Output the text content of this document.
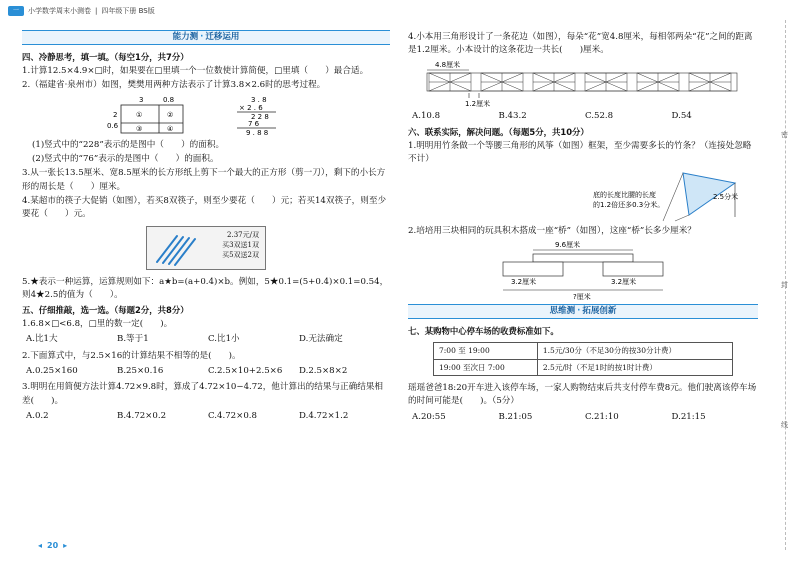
一	小学数学周末小测卷 | 四年级下册 BS版
密
封
线
能力测 · 迁移运用
四、冷静思考，填一填。（每空1分，共7分）
1.计算12.5×4.9×□时，如果要在□里填一个一位数使计算简便，□里填（　　）最合适。
2.（福建省·泉州市）如图，樊樊用两种方法表示了计算3.8×2.6时的思考过程。
3	0.8
2
0.6
①	②
③	④
3 . 8
× 2 . 6
2 2 8
7 6
9 . 8 8
(1)竖式中的“228”表示的是图中（　　）的面积。
(2)竖式中的“76”表示的是图中（　　）的面积。
3.从一张长13.5厘米、宽8.5厘米的长方形纸上剪下一个最大的正方形（剪一刀），剩下的小长方形的周长是（　　）厘米。
4.某超市的筷子大促销（如图），若买8双筷子，则至少要花（　　）元；若买14双筷子，则至少要花（　　）元。
2.37元/双
买3双送1双
买5双送2双
5.★表示一种运算，运算规则如下：a★b=(a+0.4)×b。例如，5★0.1=(5+0.4)×0.1=0.54，则4★2.5的值为（　　）。
五、仔细推敲，选一选。（每题2分，共8分）
1.6.8×□<6.8，□里的数一定(　　)。
A.比1大	B.等于1	C.比1小	D.无法确定
2.下面算式中，与2.5×16的计算结果不相等的是(　　)。
A.0.25×160	B.25×0.16	C.2.5×10+2.5×6	D.2.5×8×2
3.明明在用简便方法计算4.72×9.8时，算成了4.72×10−4.72，他计算出的结果与正确结果相差(　　)。
A.0.2	B.4.72×0.2	C.4.72×0.8	D.4.72×1.2
4.小本用三角形设计了一条花边（如图），每朵“花”宽4.8厘米，每相邻两朵“花”之间的距离是1.2厘米。小本设计的这条花边一共长(　　)厘米。
4.8厘米
1.2厘米
A.10.8	B.43.2	C.52.8	D.54
六、联系实际，解决问题。（每题5分，共10分）
1.明明用竹条做一个等腰三角形的风筝（如图）框架，至少需要多长的竹条？（连接处忽略不计）
2.5分米
底的长度比腰的长度
的1.2倍还多0.3分米。
2.培培用三块相同的玩具积木搭成一座“桥”（如图），这座“桥”长多少厘米？
9.6厘米
3.2厘米	3.2厘米
?厘米
思维测 · 拓展创新
七、某购物中心停车场的收费标准如下。
7:00 至 19:00	1.5元/30分（不足30分的按30分计费）
19:00 至次日 7:00	2.5元/时（不足1时的按1时计费）
瑶瑶爸爸18:20开车进入该停车场，一家人购物结束后共支付停车费8元。他们驶离该停车场的时间可能是(　　)。（5分）
A.20:55	B.21:05	C.21:10	D.21:15
◂ 20 ▸
